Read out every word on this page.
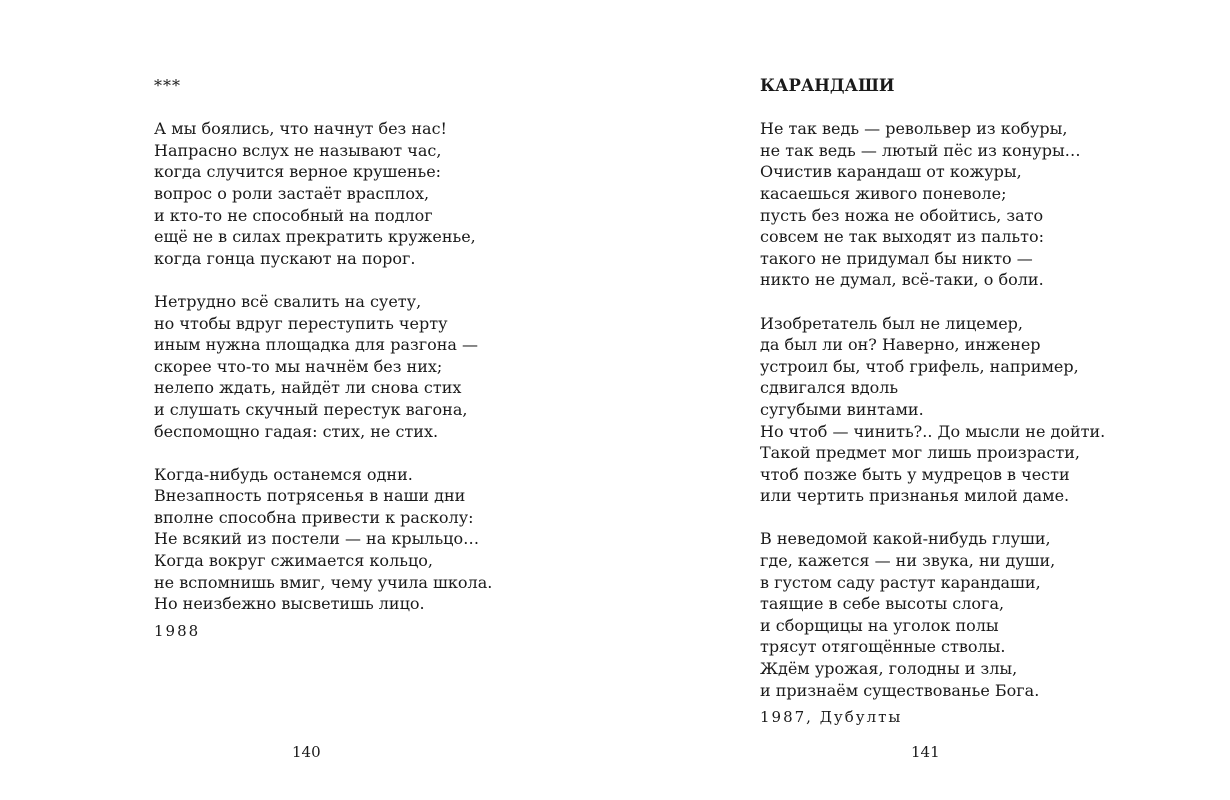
***
А мы боялись, что начнут без нас!
Напрасно вслух не называют час,
когда случится верное крушенье:
вопрос о роли застаёт врасплох,
и кто-то не способный на подлог
ещё не в силах прекратить круженье,
когда гонца пускают на порог.
Нетрудно всё свалить на суету,
но чтобы вдруг переступить черту
иным нужна площадка для разгона —
скорее что-то мы начнём без них;
нелепо ждать, найдёт ли снова стих
и слушать скучный перестук вагона,
беспомощно гадая: стих, не стих.
Когда-нибудь останемся одни.
Внезапность потрясенья в наши дни
вполне способна привести к расколу:
Не всякий из постели — на крыльцо…
Когда вокруг сжимается кольцо,
не вспомнишь вмиг, чему учила школа.
Но неизбежно высветишь лицо.
1988
140
КАРАНДАШИ
Не так ведь — револьвер из кобуры,
не так ведь — лютый пёс из конуры…
Очистив карандаш от кожуры,
касаешься живого поневоле;
пусть без ножа не обойтись, зато
совсем не так выходят из пальто:
такого не придумал бы никто —
никто не думал, всё-таки, о боли.
Изобретатель был не лицемер,
да был ли он? Наверно, инженер
устроил бы, чтоб грифель, например,
сдвигался вдоль
сугубыми винтами.
Но чтоб — чинить?.. До мысли не дойти.
Такой предмет мог лишь произрасти,
чтоб позже быть у мудрецов в чести
или чертить признанья милой даме.
В неведомой какой-нибудь глуши,
где, кажется — ни звука, ни души,
в густом саду растут карандаши,
таящие в себе высоты слога,
и сборщицы на уголок полы
трясут отягощённые стволы.
Ждём урожая, голодны и злы,
и признаём существованье Бога.
1987, Дубулты
141
